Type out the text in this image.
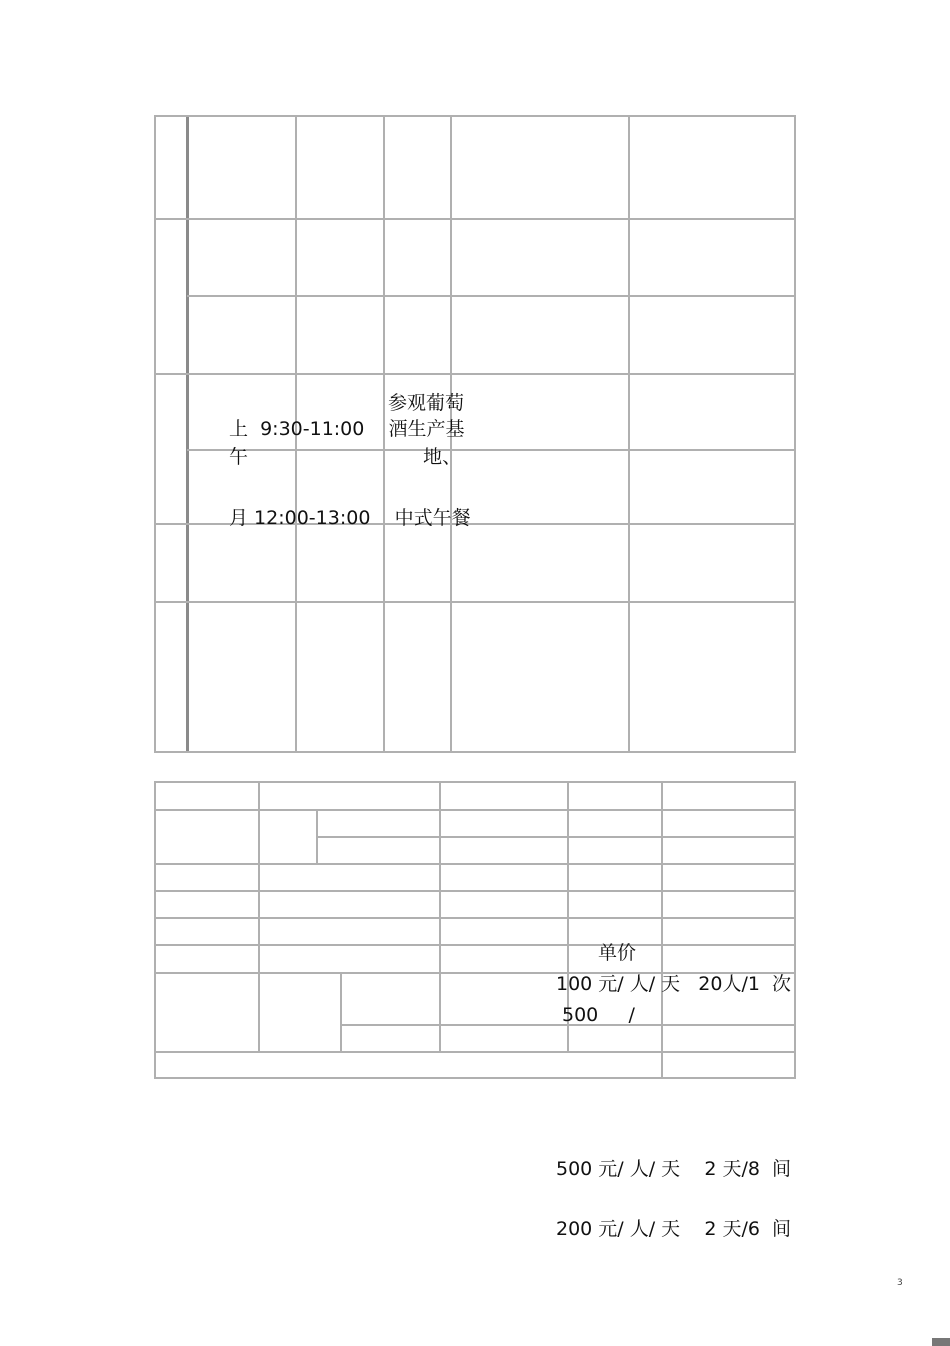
参观葡萄
上  9:30-11:00    酒生产基
午                             地、
月 12:00-13:00    中式午餐
单价
100 元/ 人/ 天   20人/1  次
500     /
500 元/ 人/ 天    2 天/8  间
200 元/ 人/ 天    2 天/6  间
3
